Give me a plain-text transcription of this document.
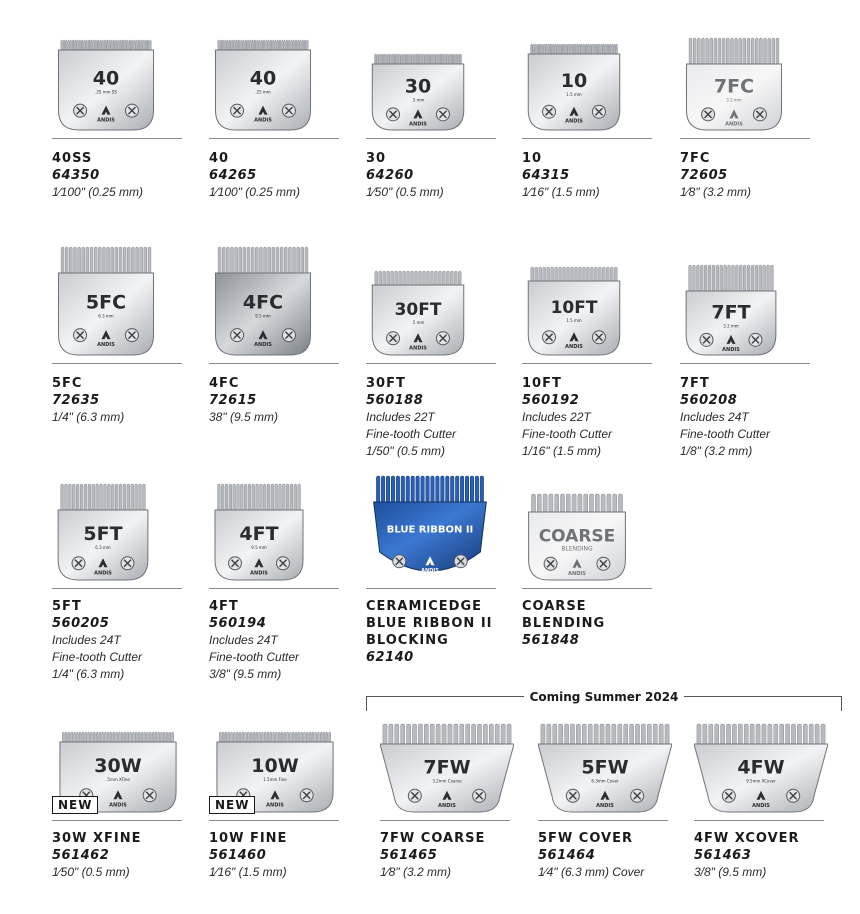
40
.25 mm SS
ANDIS
40SS
64350
1⁄100" (0.25 mm)
40
.25 mm
ANDIS
40
64265
1⁄100" (0.25 mm)
30
.5 mm
ANDIS
30
64260
1⁄50" (0.5 mm)
10
1.5 mm
ANDIS
10
64315
1⁄16" (1.5 mm)
7FC
3.2 mm
ANDIS
7FC
72605
1⁄8" (3.2 mm)
5FC
6.3 mm
ANDIS
5FC
72635
1/4" (6.3 mm)
4FC
9.5 mm
ANDIS
4FC
72615
38" (9.5 mm)
30FT
.5 mm
ANDIS
30FT
560188
Includes 22T
Fine-tooth Cutter
1/50" (0.5 mm)
10FT
1.5 mm
ANDIS
10FT
560192
Includes 22T
Fine-tooth Cutter
1/16" (1.5 mm)
7FT
3.2 mm
ANDIS
7FT
560208
Includes 24T
Fine-tooth Cutter
1/8" (3.2 mm)
5FT
6.3 mm
ANDIS
5FT
560205
Includes 24T
Fine-tooth Cutter
1/4" (6.3 mm)
4FT
9.5 mm
ANDIS
4FT
560194
Includes 24T
Fine-tooth Cutter
3/8" (9.5 mm)
BLUE RIBBON II
ANDIS
CERAMICEDGE
BLUE RIBBON II
BLOCKING
62140
COARSE
BLENDING
ANDIS
COARSE
BLENDING
561848
30W
.5mm XFine
ANDIS
NEW
30W XFINE
561462
1⁄50" (0.5 mm)
10W
1.5mm Fine
ANDIS
NEW
10W FINE
561460
1⁄16" (1.5 mm)
7FW
3.2mm Coarse
ANDIS
7FW COARSE
561465
1⁄8" (3.2 mm)
5FW
6.3mm Cover
ANDIS
5FW COVER
561464
1⁄4" (6.3 mm) Cover
4FW
9.5mm XCover
ANDIS
4FW XCOVER
561463
3/8" (9.5 mm)
Coming Summer 2024
